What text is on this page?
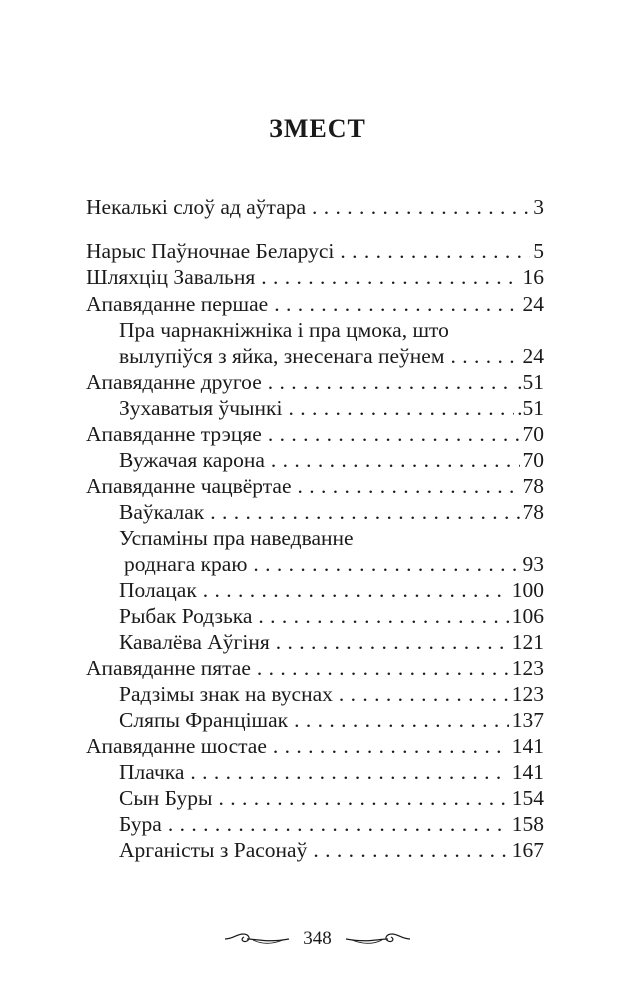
ЗМЕСТ
Некалькі слоў ад аўтара . . .	3
Нарыс Паўночнае Беларусі . . .	5
Шляхціц Завальня . . .	16
Апавяданне першае . . .	24
Пра чарнакніжніка і пра цмока, што
вылупіўся з яйка, знесенага пеўнем . . .	24
Апавяданне другое . . .	.51
Зухаватыя ўчынкі . . .	.51
Апавяданне трэцяе . . .	70
Вужачая карона . . .	70
Апавяданне чацвёртае . . .	78
Ваўкалак . . .	78
Успаміны пра наведванне
роднага краю . . .	93
Полацак . . .	100
Рыбак Родзька . . .	106
Кавалёва Аўгіня . . .	121
Апавяданне пятае . . .	123
Радзімы знак на вуснах . . .	123
Сляпы Францішак . . .	137
Апавяданне шостае . . .	141
Плачка . . .	141
Сын Буры . . .	154
Бура . . .	158
Арганісты з Расонаў . . .	167
348
